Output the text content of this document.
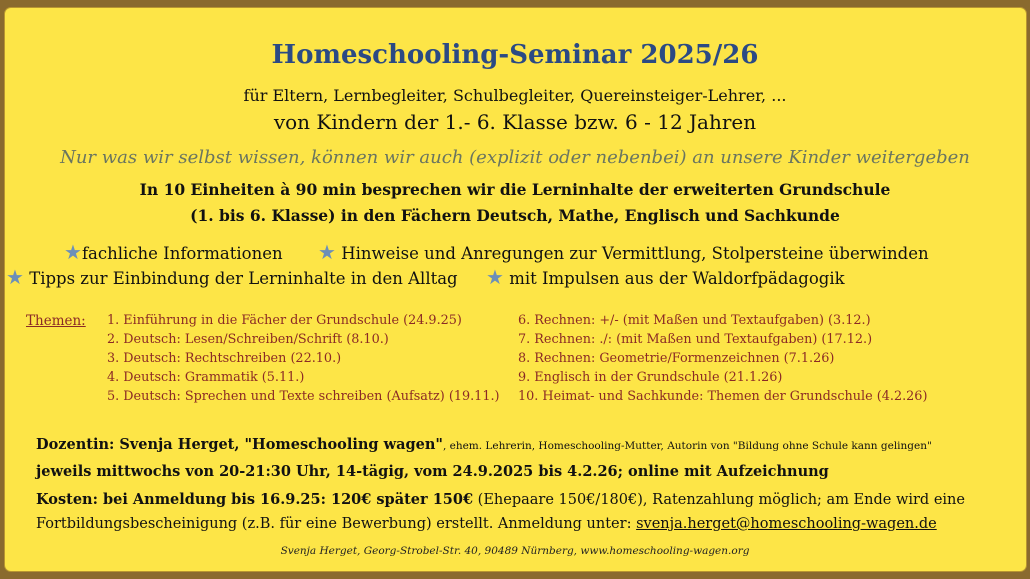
Homeschooling-Seminar 2025/26
für Eltern, Lernbegleiter, Schulbegleiter, Quereinsteiger-Lehrer, ...
von Kindern der 1.- 6. Klasse bzw. 6 - 12 Jahren
Nur was wir selbst wissen, können wir auch (explizit oder nebenbei) an unsere Kinder weitergeben
In 10 Einheiten à 90 min besprechen wir die Lerninhalte der erweiterten Grundschule
(1. bis 6. Klasse) in den Fächern Deutsch, Mathe, Englisch und Sachkunde
★fachliche Informationen ★ Hinweise und Anregungen zur Vermittlung, Stolpersteine überwinden
★ Tipps zur Einbindung der Lerninhalte in den Alltag ★ mit Impulsen aus der Waldorfpädagogik
Themen: 1. Einführung in die Fächer der Grundschule (24.9.25)
2. Deutsch: Lesen/Schreiben/Schrift (8.10.)
3. Deutsch: Rechtschreiben (22.10.)
4. Deutsch: Grammatik (5.11.)
5. Deutsch: Sprechen und Texte schreiben (Aufsatz) (19.11.)
6. Rechnen: +/- (mit Maßen und Textaufgaben) (3.12.)
7. Rechnen: ./: (mit Maßen und Textaufgaben) (17.12.)
8. Rechnen: Geometrie/Formenzeichnen (7.1.26)
9. Englisch in der Grundschule (21.1.26)
10. Heimat- und Sachkunde: Themen der Grundschule (4.2.26)
Dozentin: Svenja Herget, "Homeschooling wagen", ehem. Lehrerin, Homeschooling-Mutter, Autorin von "Bildung ohne Schule kann gelingen"
jeweils mittwochs von 20-21:30 Uhr, 14-tägig, vom 24.9.2025 bis 4.2.26; online mit Aufzeichnung
Kosten: bei Anmeldung bis 16.9.25: 120€ später 150€ (Ehepaare 150€/180€), Ratenzahlung möglich; am Ende wird eine
Fortbildungsbescheinigung (z.B. für eine Bewerbung) erstellt. Anmeldung unter: svenja.herget@homeschooling-wagen.de
Svenja Herget, Georg-Strobel-Str. 40, 90489 Nürnberg, www.homeschooling-wagen.org
